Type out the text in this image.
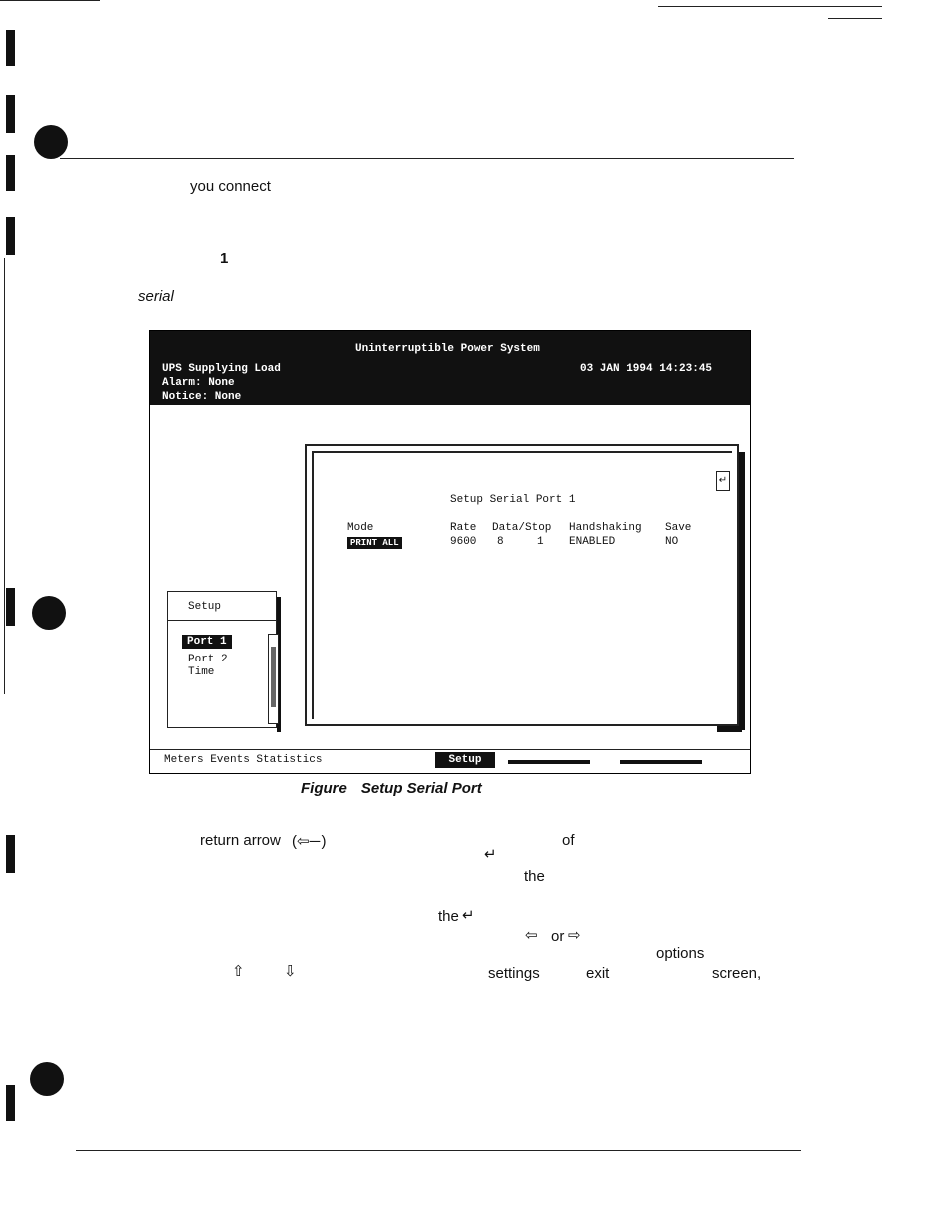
you connect
1
serial
return arrow (⇦─ )	of
↵
the
the ↵
⇦ or ⇨
options
⇧	⇩	settings	exit	screen,
Uninterruptible Power System
UPS Supplying Load
Alarm: None
Notice: None
03 JAN 1994 14:23:45
Setup Serial Port 1
Mode	Rate Data/Stop Handshaking Save
PRINT ALL	9600 8	1 ENABLED	NO
↵
Setup
Port 1
Port 2
Time
Meters Events Statistics	Setup
Figure Setup Serial Port
